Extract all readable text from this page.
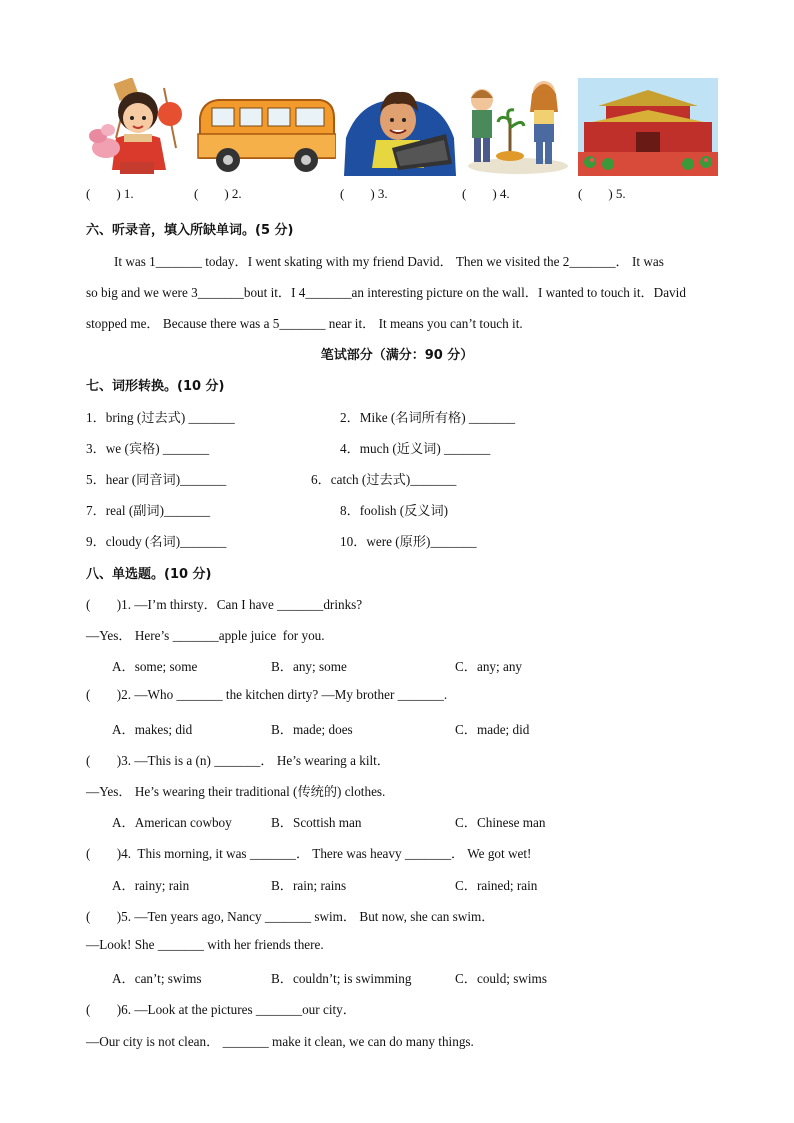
(        ) 1.	(        ) 2.	(        ) 3.	(        ) 4.	(        ) 5.
六、听录音，填入所缺单词。(5 分)
It was 1_______ today．I went skating with my friend David． Then we visited the 2_______． It was
so big and we were 3_______bout it．I 4_______an interesting picture on the wall．I wanted to touch it．David
stopped me． Because there was a 5_______ near it． It means you can’t touch it.
笔试部分（满分：90 分）
七、词形转换。(10 分)
1．bring (过去式) _______	2．Mike (名词所有格) _______
3．we (宾格) _______	4．much (近义词) _______
5．hear (同音词)_______	6．catch (过去式)_______
7．real (副词)_______	8．foolish (反义词)
9．cloudy (名词)_______	10．were (原形)_______
八、单选题。(10 分)
(        )1. —I’m thirsty．Can I have _______drinks?
—Yes． Here’s _______apple juice  for you.
A．some; some	B．any; some	C．any; any
(        )2. —Who _______ the kitchen dirty? —My brother _______.
A．makes; did	B．made; does	C．made; did
(        )3. —This is a (n) _______． He’s wearing a kilt．
—Yes． He’s wearing their traditional (传统的) clothes.
A．American cowboy	B．Scottish man	C．Chinese man
(        )4.  This morning, it was _______． There was heavy _______． We got wet!
A．rainy; rain	B．rain; rains	C．rained; rain
(        )5. —Ten years ago, Nancy _______ swim． But now, she can swim．
—Look! She _______ with her friends there.
A．can’t; swims	B．couldn’t; is swimming	C．could; swims
(        )6. —Look at the pictures _______our city．
—Our city is not clean． _______ make it clean, we can do many things.
